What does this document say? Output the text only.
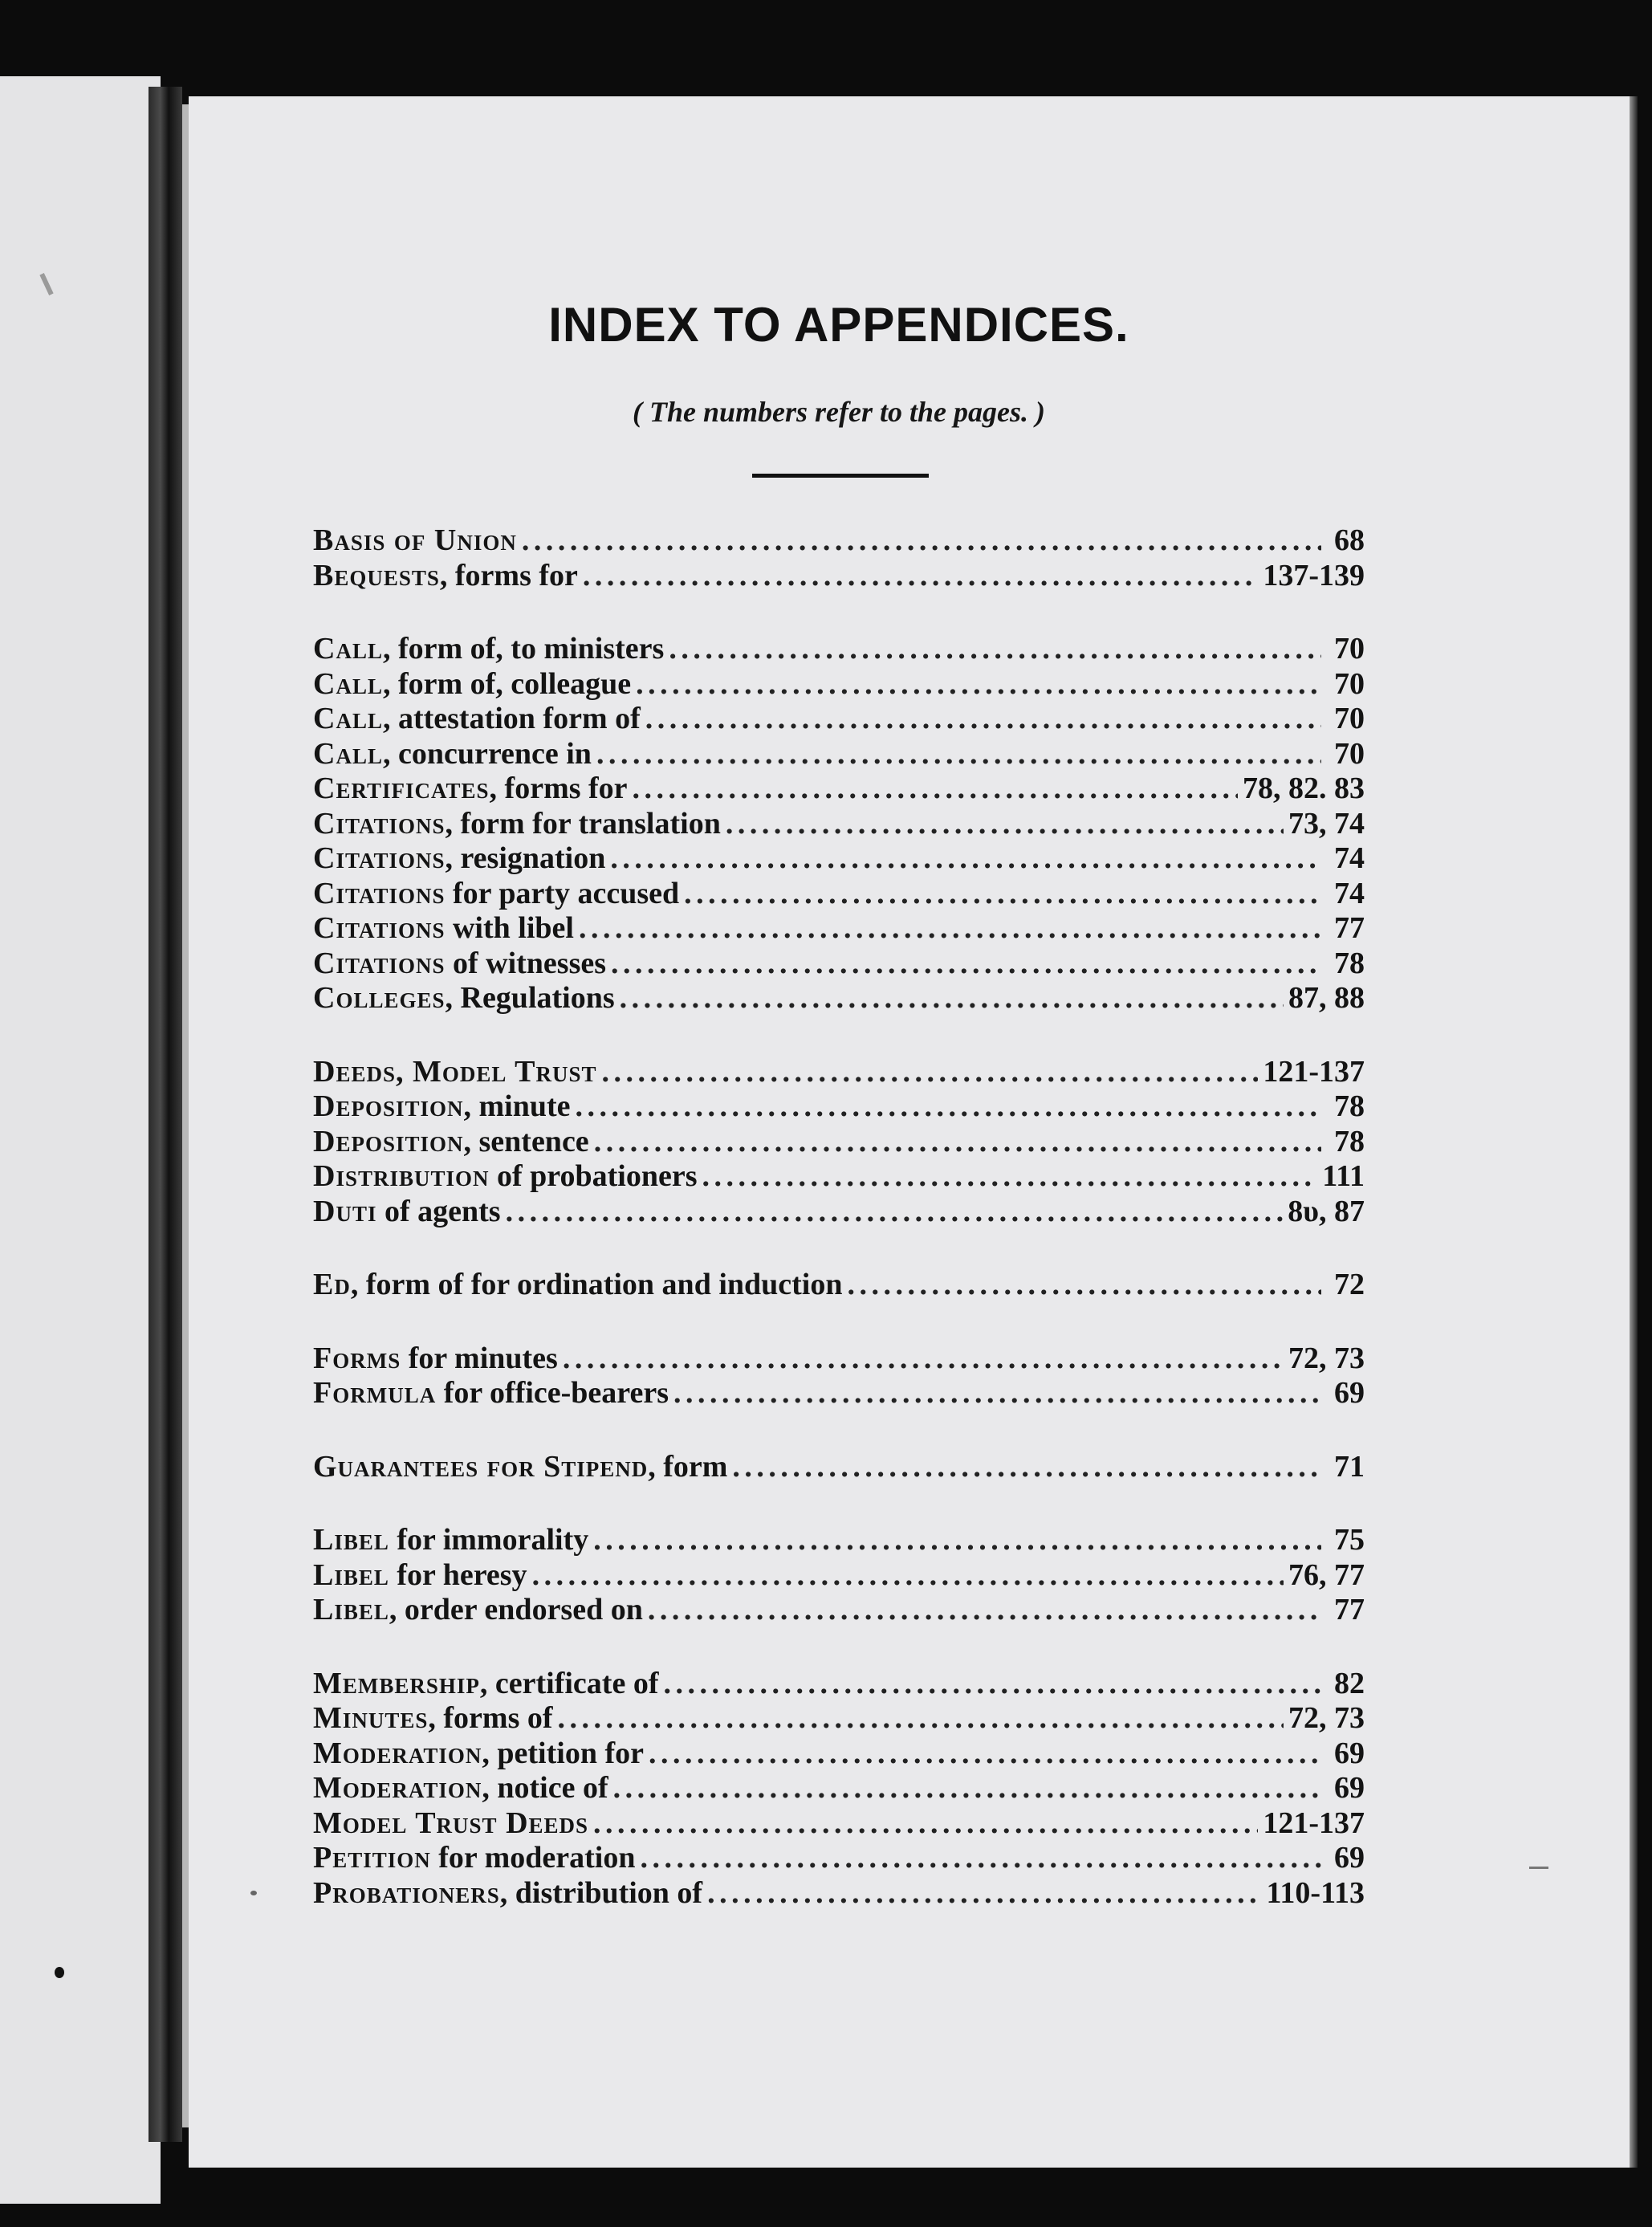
INDEX TO APPENDICES.
( The numbers refer to the pages. )
Basis of Union . . .	68
Bequests, forms for . . .	137-139
Call, form of, to ministers . . .	70
Call, form of, colleague . . .	70
Call, attestation form of . . .	70
Call, concurrence in . . .	70
Certificates, forms for . . .	78, 82. 83
Citations, form for translation . . .	73, 74
Citations, resignation . . .	74
Citations for party accused . . .	74
Citations with libel . . .	77
Citations of witnesses . . .	78
Colleges, Regulations . . .	87, 88
Deeds, Model Trust . . .	121-137
Deposition, minute . . .	78
Deposition, sentence . . .	78
Distribution of probationers . . .	111
Duti of agents . . .	8υ, 87
Ed, form of for ordination and induction . . .	72
Forms for minutes . . .	72, 73
Formula for office-bearers . . .	69
Guarantees for Stipend, form . . .	71
Libel for immorality . . .	75
Libel for heresy . . .	76, 77
Libel, order endorsed on . . .	77
Membership, certificate of . . .	82
Minutes, forms of . . .	72, 73
Moderation, petition for . . .	69
Moderation, notice of . . .	69
Model Trust Deeds . . .	121-137
Petition for moderation . . .	69
Probationers, distribution of . . .	110-113
